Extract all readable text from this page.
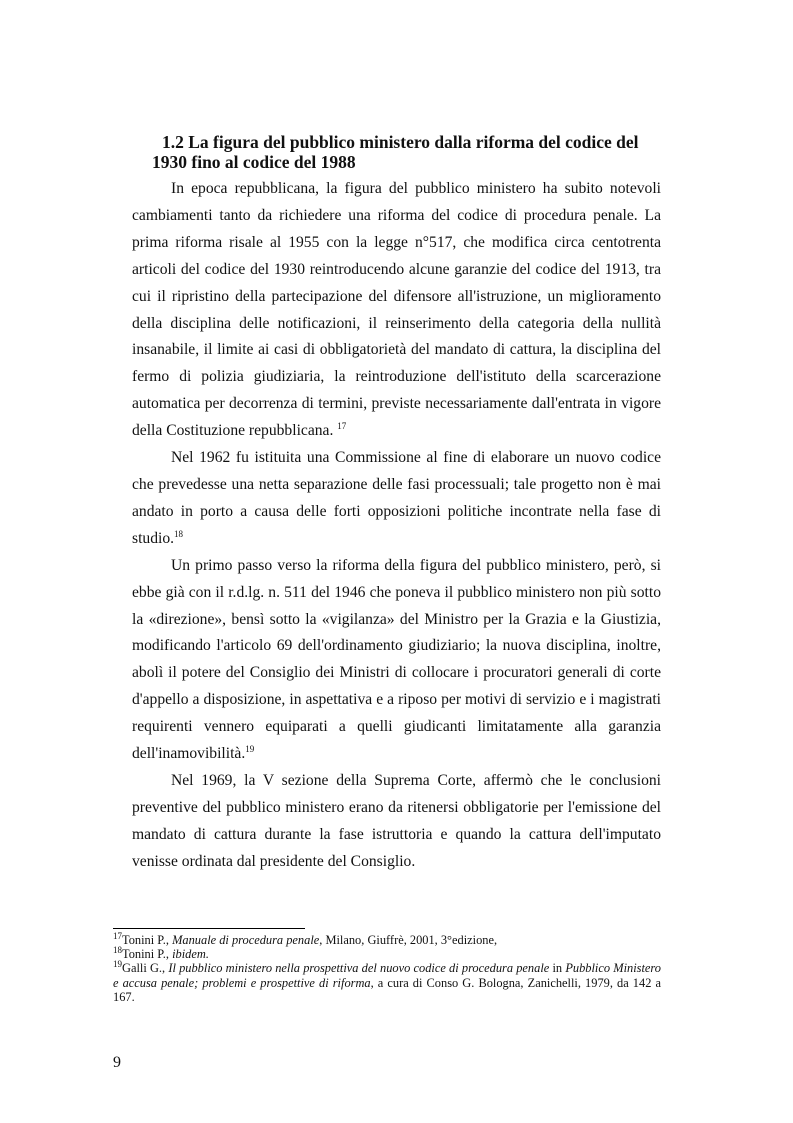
1.2 La figura del pubblico ministero dalla riforma del codice del
1930 fino al codice del 1988

In epoca repubblicana, la figura del pubblico ministero ha subito notevoli cambiamenti tanto da richiedere una riforma del codice di procedura penale. La prima riforma risale al 1955 con la legge n°517, che modifica circa centotrenta articoli del codice del 1930 reintroducendo alcune garanzie del codice del 1913, tra cui il ripristino della partecipazione del difensore all'istruzione, un miglioramento della disciplina delle notificazioni, il reinserimento della categoria della nullità insanabile, il limite ai casi di obbligatorietà del mandato di cattura, la disciplina del fermo di polizia giudiziaria, la reintroduzione dell'istituto della scarcerazione automatica per decorrenza di termini, previste necessariamente dall'entrata in vigore della Costituzione repubblicana. $^{17}$

Nel 1962 fu istituita una Commissione al fine di elaborare un nuovo codice che prevedesse una netta separazione delle fasi processuali; tale progetto non è mai andato in porto a causa delle forti opposizioni politiche incontrate nella fase di studio.$^{18}$

Un primo passo verso la riforma della figura del pubblico ministero, però, si ebbe già con il r.d.lg. n. 511 del 1946 che poneva il pubblico ministero non più sotto la «direzione», bensì sotto la «vigilanza» del Ministro per la Grazia e la Giustizia, modificando l'articolo 69 dell'ordinamento giudiziario; la nuova disciplina, inoltre, abolì il potere del Consiglio dei Ministri di collocare i procuratori generali di corte d'appello a disposizione, in aspettativa e a riposo per motivi di servizio e i magistrati requirenti vennero equiparati a quelli giudicanti limitatamente alla garanzia dell'inamovibilità.$^{19}$

Nel 1969, la V sezione della Suprema Corte, affermò che le conclusioni preventive del pubblico ministero erano da ritenersi obbligatorie per l'emissione del mandato di cattura durante la fase istruttoria e quando la cattura dell'imputato venisse ordinata dal presidente del Consiglio.

$^{17}$Tonini P., Manuale di procedura penale, Milano, Giuffrè, 2001, 3°edizione,

$^{18}$Tonini P., ibidem.

$^{19}$Galli G., Il pubblico ministero nella prospettiva del nuovo codice di procedura penale in Pubblico Ministero e accusa penale; problemi e prospettive di riforma, a cura di Conso G. Bologna, Zanichelli, 1979, da 142 a 167.

9
